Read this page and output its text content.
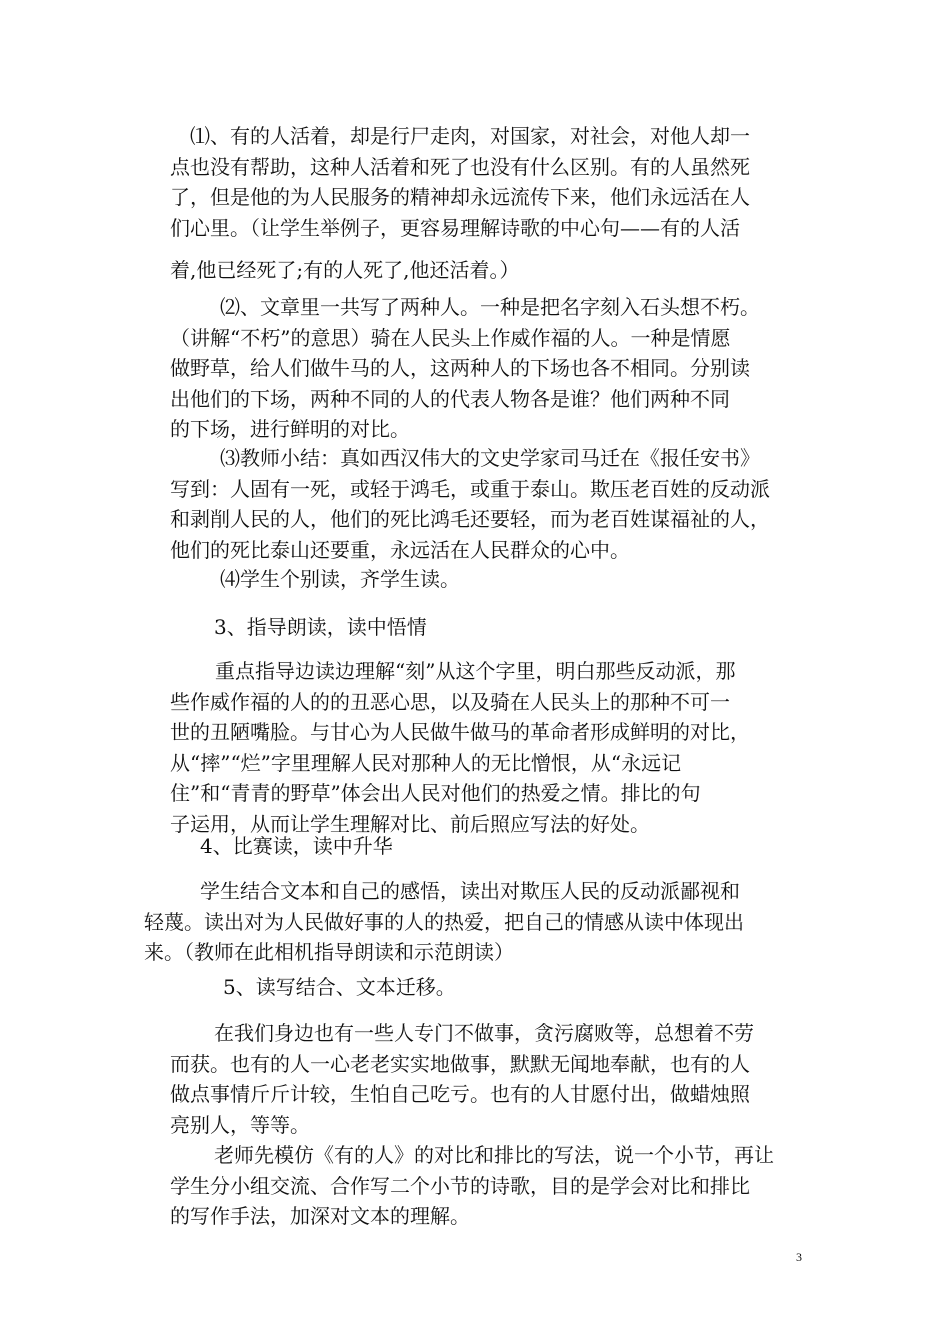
⑴、有的人活着，却是行尸走肉，对国家，对社会，对他人却一
点也没有帮助，这种人活着和死了也没有什么区别。有的人虽然死
了，但是他的为人民服务的精神却永远流传下来，他们永远活在人
们心里。（让学生举例子，更容易理解诗歌的中心句——有的人活
着,他已经死了;有的人死了,他还活着。）
⑵、文章里一共写了两种人。一种是把名字刻入石头想不朽。
（讲解“不朽”的意思）骑在人民头上作威作福的人。一种是情愿
做野草，给人们做牛马的人，这两种人的下场也各不相同。分别读
出他们的下场，两种不同的人的代表人物各是谁？他们两种不同
的下场，进行鲜明的对比。
⑶教师小结：真如西汉伟大的文史学家司马迁在《报任安书》
写到：人固有一死，或轻于鸿毛，或重于泰山。欺压老百姓的反动派
和剥削人民的人，他们的死比鸿毛还要轻，而为老百姓谋福祉的人，
他们的死比泰山还要重，永远活在人民群众的心中。
⑷学生个别读，齐学生读。
3、指导朗读，读中悟情
重点指导边读边理解“刻”从这个字里，明白那些反动派，那
些作威作福的人的的丑恶心思，以及骑在人民头上的那种不可一
世的丑陋嘴脸。与甘心为人民做牛做马的革命者形成鲜明的对比，
从“摔”“烂”字里理解人民对那种人的无比憎恨，从“永远记
住”和“青青的野草”体会出人民对他们的热爱之情。排比的句
子运用，从而让学生理解对比、前后照应写法的好处。
4、比赛读，读中升华
学生结合文本和自己的感悟，读出对欺压人民的反动派鄙视和
轻蔑。读出对为人民做好事的人的热爱，把自己的情感从读中体现出
来。（教师在此相机指导朗读和示范朗读）
5、读写结合、文本迁移。
在我们身边也有一些人专门不做事，贪污腐败等，总想着不劳
而获。也有的人一心老老实实地做事，默默无闻地奉献，也有的人
做点事情斤斤计较，生怕自己吃亏。也有的人甘愿付出，做蜡烛照
亮别人，等等。
老师先模仿《有的人》的对比和排比的写法，说一个小节，再让
学生分小组交流、合作写二个小节的诗歌，目的是学会对比和排比
的写作手法，加深对文本的理解。
3
